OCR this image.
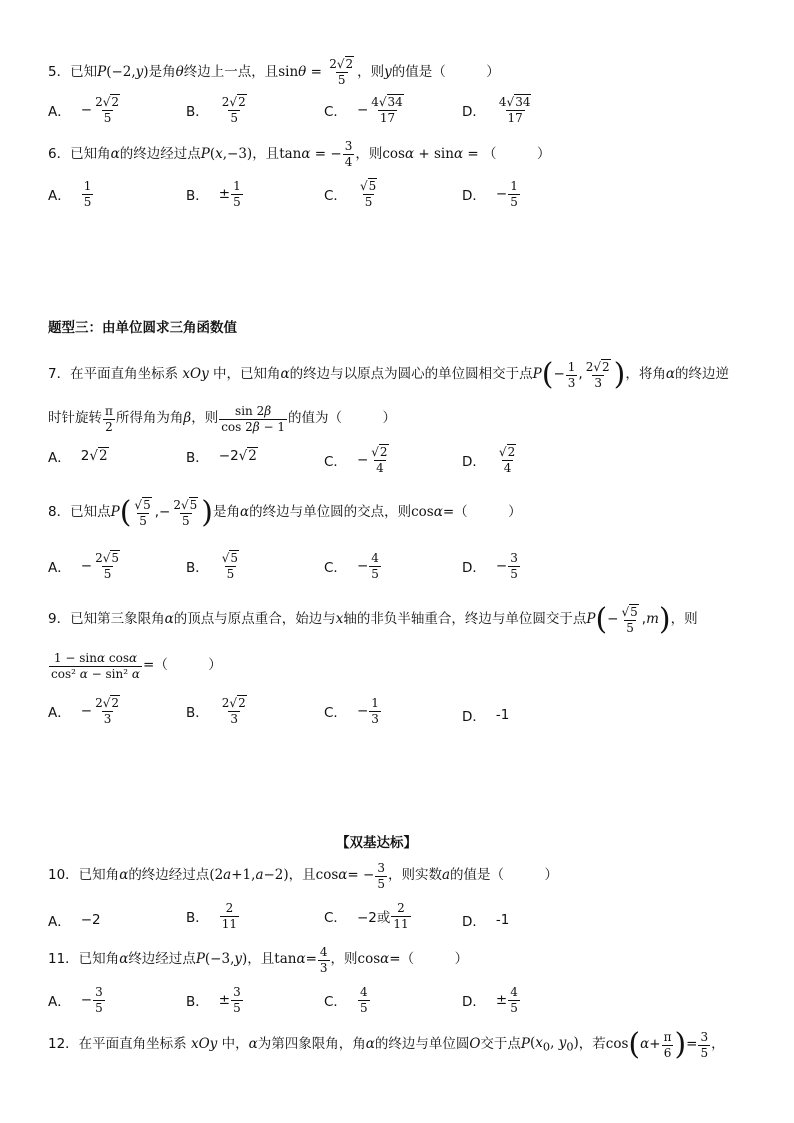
5．已知P(−2,y)是角θ终边上一点，且$\sin\theta = \frac{2√2}{5}$ ，则y的值是（　　　）
A． −
2√2
5	B．
2√2
5	C． −
4√34
17	D．
4√34
17
6．已知角α的终边经过点P(x,−3)，且tanα = − $\frac{3}{4}$ ，则cosα + sinα = （　　　）
A．
1
5	B． ±
1
5	C．
√5
5	D． −
1
5
题型三：由单位圆求三角函数值
7．在平面直角坐标系
xOy
中，已知角 α 的终边与以原点为圆心的单位圆相交于点 P ( − 1
3
, 2√2
3 ) ，将角 α 的终边逆
时针旋转 π
2
所得角为角 β ，则 sin 2β
cos 2β − 1
的值为（　　　）
A． 2 √2	B． −2 √2	C． −
√2
4	D．
√2
4
8．已知点 P ( √5
5
,− 2√5
5 ) 是角 α 的终边与单位圆的交点，则 cos α = （　　　）
A． −
2√5
5	B．
√5
5	C． −
4
5	D． −
3
5
9．已知第三象限角 α 的顶点与原点重合，始边与 x 轴的非负半轴重合，终边与单位圆交于点 P ( − √5
5
, m ) ，则
1 − sinα cosα
cos² α − sin² α
= （　　　）
A． −
2√2
3	B．
2√2
3	C． −
1
3	D． -1
【双基达标】
10．已知角 α 的终边经过点 (2a+1,a−2) ，且 cos α = − 3
5
，则实数 a 的值是（　　　）
A． −2	B．
2
11	C． −2或
2
11	D． -1
11．已知角 α 终边经过点 P (−3,y) ，且 tan α = 4
3
，则 cos α = （　　　）
A． −
3
5	B． ±
3
5	C．
4
5	D． ±
4
5
12．在平面直角坐标系
xOy
中， α 为第四象限角，角 α 的终边与单位圆 O 交于点 P ($x_0$, $y_0$) ，若 cos ( α + π
6 ) = 3
5
，
